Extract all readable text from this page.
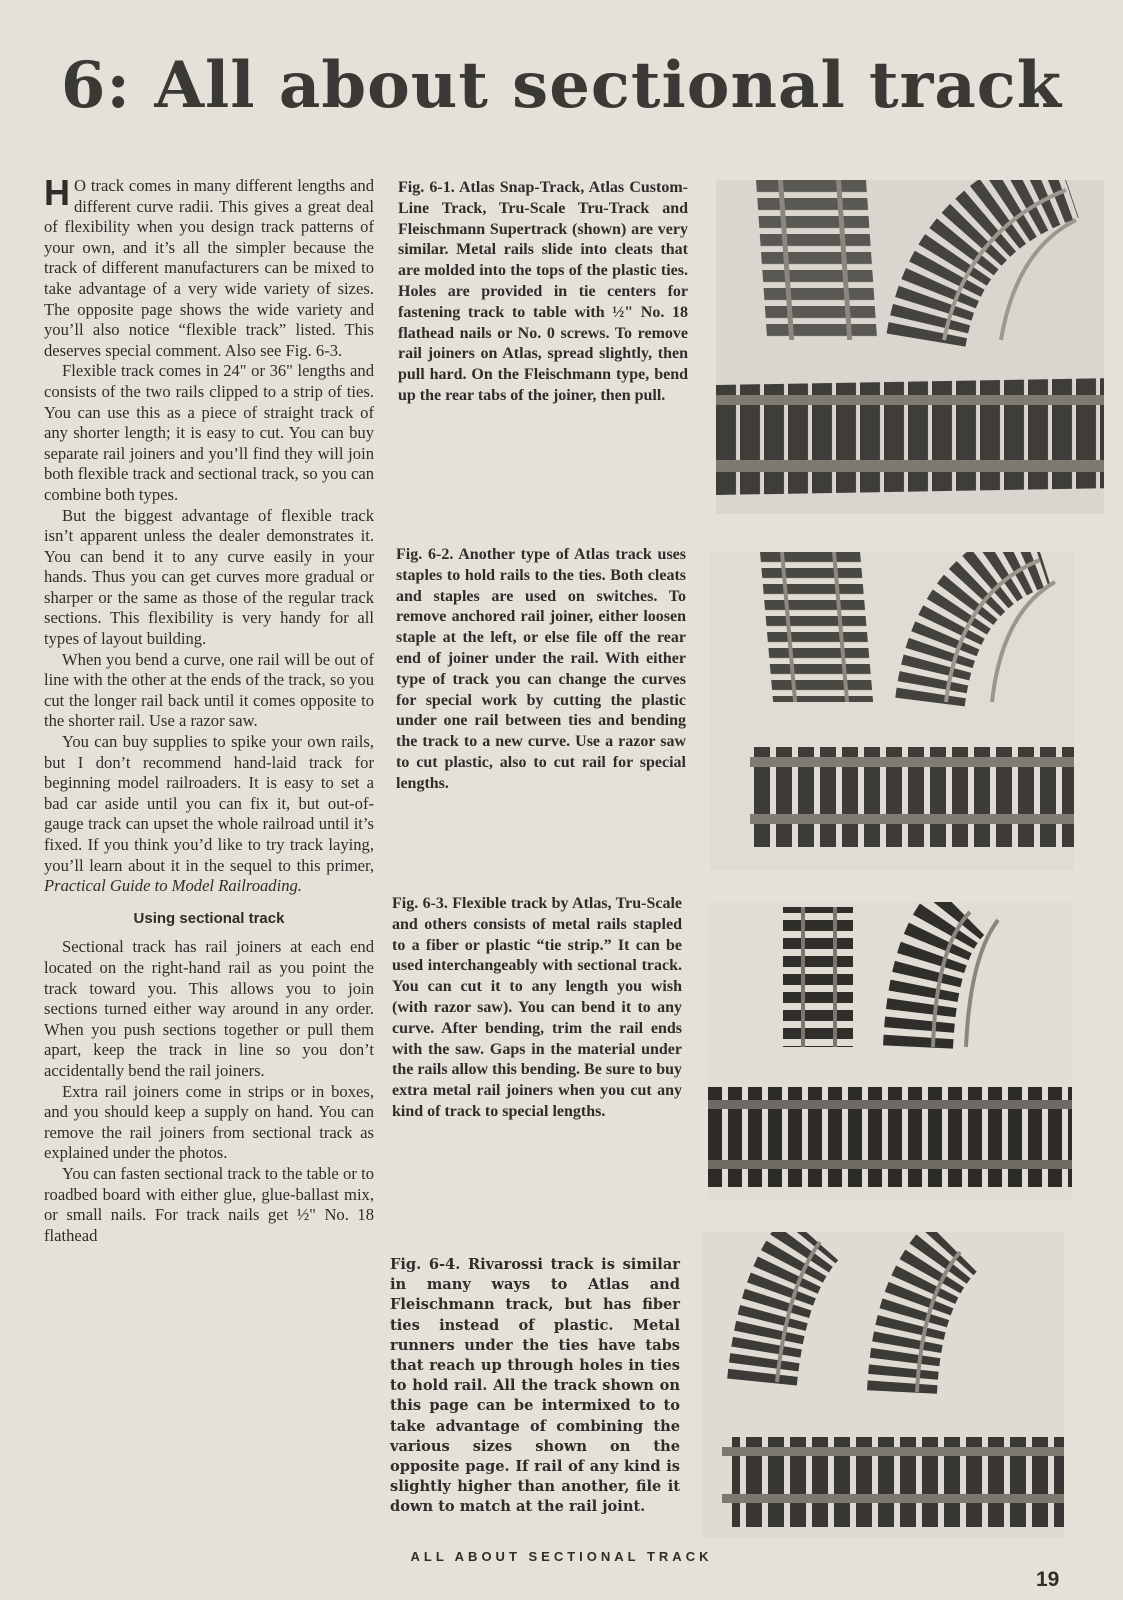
6: All about sectional track

H O track comes in many different lengths and different curve radii. This gives a great deal of flexibility when you design track patterns of your own, and it’s all the simpler because the track of different manufacturers can be mixed to take advantage of a very wide variety of sizes. The opposite page shows the wide variety and you’ll also notice “flexible track” listed. This deserves special comment. Also see Fig. 6-3.

Flexible track comes in 24" or 36" lengths and consists of the two rails clipped to a strip of ties. You can use this as a piece of straight track of any shorter length; it is easy to cut. You can buy separate rail joiners and you’ll find they will join both flexible track and sectional track, so you can combine both types.

But the biggest advantage of flexible track isn’t apparent unless the dealer demonstrates it. You can bend it to any curve easily in your hands. Thus you can get curves more gradual or sharper or the same as those of the regular track sections. This flexibility is very handy for all types of layout building.

When you bend a curve, one rail will be out of line with the other at the ends of the track, so you cut the longer rail back until it comes opposite to the shorter rail. Use a razor saw.

You can buy supplies to spike your own rails, but I don’t recommend hand-laid track for beginning model railroaders. It is easy to set a bad car aside until you can fix it, but out-of-gauge track can upset the whole railroad until it’s fixed. If you think you’d like to try track laying, you’ll learn about it in the sequel to this primer, Practical Guide to Model Railroading.

Using sectional track

Sectional track has rail joiners at each end located on the right-hand rail as you point the track toward you. This allows you to join sections turned either way around in any order. When you push sections together or pull them apart, keep the track in line so you don’t accidentally bend the rail joiners.

Extra rail joiners come in strips or in boxes, and you should keep a supply on hand. You can remove the rail joiners from sectional track as explained under the photos.

You can fasten sectional track to the table or to roadbed board with either glue, glue-ballast mix, or small nails. For track nails get ½" No. 18 flathead

Fig. 6-1. Atlas Snap-Track, Atlas Custom-Line Track, Tru-Scale Tru-Track and Fleischmann Supertrack (shown) are very similar. Metal rails slide into cleats that are molded into the tops of the plastic ties. Holes are provided in tie centers for fastening track to table with ½" No. 18 flathead nails or No. 0 screws. To remove rail joiners on Atlas, spread slightly, then pull hard. On the Fleischmann type, bend up the rear tabs of the joiner, then pull.

Fig. 6-2. Another type of Atlas track uses staples to hold rails to the ties. Both cleats and staples are used on switches. To remove anchored rail joiner, either loosen staple at the left, or else file off the rear end of joiner under the rail. With either type of track you can change the curves for special work by cutting the plastic under one rail between ties and bending the track to a new curve. Use a razor saw to cut plastic, also to cut rail for special lengths.

Fig. 6-3. Flexible track by Atlas, Tru-Scale and others consists of metal rails stapled to a fiber or plastic “tie strip.” It can be used interchangeably with sectional track. You can cut it to any length you wish (with razor saw). You can bend it to any curve. After bending, trim the rail ends with the saw. Gaps in the material under the rails allow this bending. Be sure to buy extra metal rail joiners when you cut any kind of track to special lengths.

Fig. 6-4. Rivarossi track is similar in many ways to Atlas and Fleischmann track, but has fiber ties instead of plastic. Metal runners under the ties have tabs that reach up through holes in ties to hold rail. All the track shown on this page can be intermixed to to take advantage of combining the various sizes shown on the opposite page. If rail of any kind is slightly higher than another, file it down to match at the rail joint.

ALL ABOUT SECTIONAL TRACK
19
